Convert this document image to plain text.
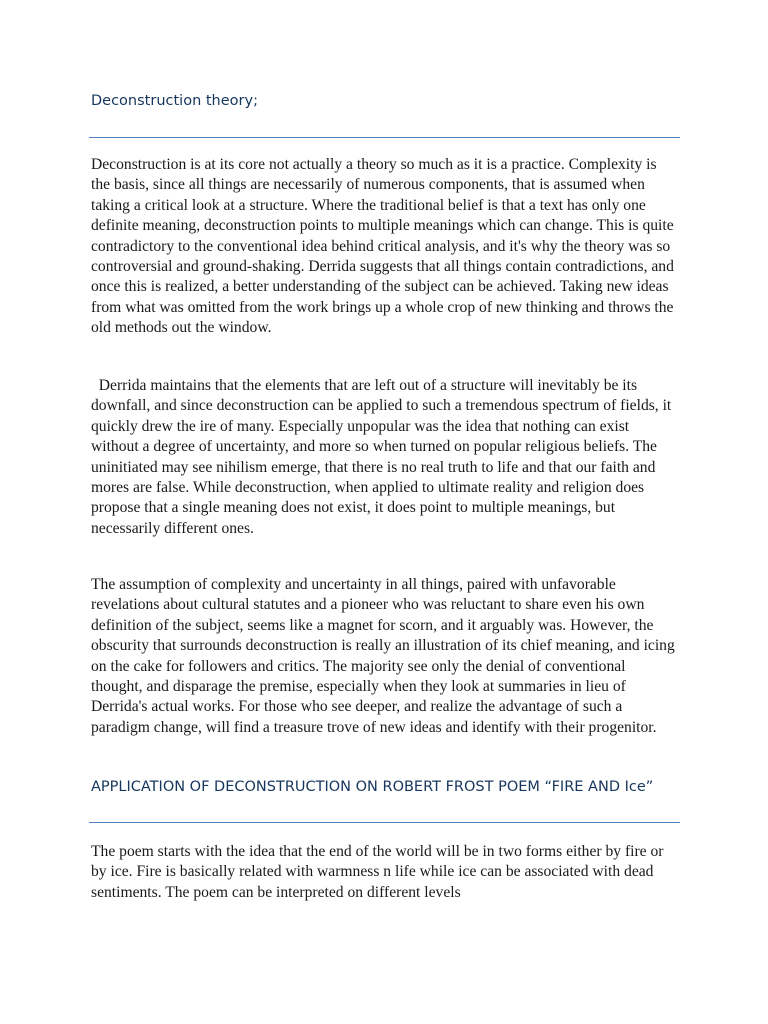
Deconstruction theory;

Deconstruction is at its core not actually a theory so much as it is a practice. Complexity is the basis, since all things are necessarily of numerous components, that is assumed when taking a critical look at a structure. Where the traditional belief is that a text has only one definite meaning, deconstruction points to multiple meanings which can change. This is quite contradictory to the conventional idea behind critical analysis, and it's why the theory was so controversial and ground-shaking. Derrida suggests that all things contain contradictions, and once this is realized, a better understanding of the subject can be achieved. Taking new ideas from what was omitted from the work brings up a whole crop of new thinking and throws the old methods out the window.

Derrida maintains that the elements that are left out of a structure will inevitably be its downfall, and since deconstruction can be applied to such a tremendous spectrum of fields, it quickly drew the ire of many. Especially unpopular was the idea that nothing can exist without a degree of uncertainty, and more so when turned on popular religious beliefs. The uninitiated may see nihilism emerge, that there is no real truth to life and that our faith and mores are false. While deconstruction, when applied to ultimate reality and religion does propose that a single meaning does not exist, it does point to multiple meanings, but necessarily different ones.

The assumption of complexity and uncertainty in all things, paired with unfavorable revelations about cultural statutes and a pioneer who was reluctant to share even his own definition of the subject, seems like a magnet for scorn, and it arguably was. However, the obscurity that surrounds deconstruction is really an illustration of its chief meaning, and icing on the cake for followers and critics. The majority see only the denial of conventional thought, and disparage the premise, especially when they look at summaries in lieu of Derrida's actual works. For those who see deeper, and realize the advantage of such a paradigm change, will find a treasure trove of new ideas and identify with their progenitor.

APPLICATION OF DECONSTRUCTION ON ROBERT FROST POEM “FIRE AND Ice”

The poem starts with the idea that the end of the world will be in two forms either by fire or by ice. Fire is basically related with warmness n life while ice can be associated with dead sentiments. The poem can be interpreted on different levels
